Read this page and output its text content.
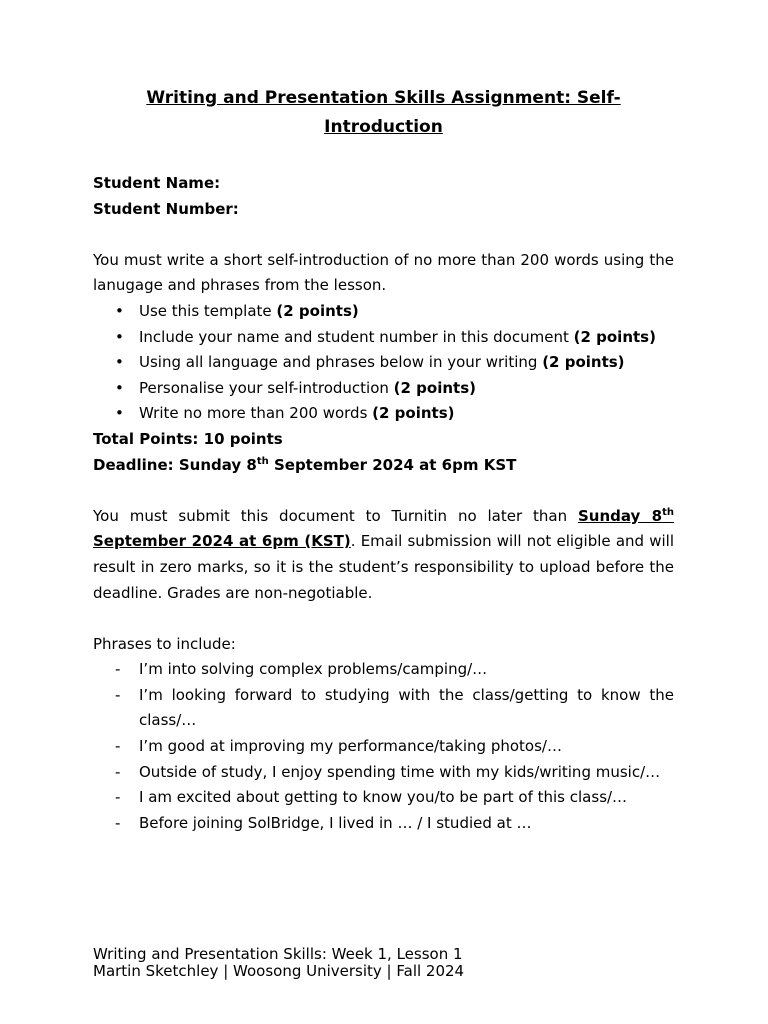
Writing and Presentation Skills Assignment: Self-Introduction

Student Name:

Student Number:

You must write a short self-introduction of no more than 200 words using the lanugage and phrases from the lesson.

• Use this template (2 points)
• Include your name and student number in this document (2 points)
• Using all language and phrases below in your writing (2 points)
• Personalise your self-introduction (2 points)
• Write no more than 200 words (2 points)

Total Points: 10 points

Deadline: Sunday 8th September 2024 at 6pm KST

You must submit this document to Turnitin no later than Sunday 8th September 2024 at 6pm (KST). Email submission will not eligible and will result in zero marks, so it is the student’s responsibility to upload before the deadline. Grades are non-negotiable.

Phrases to include:

- I’m into solving complex problems/camping/…
- I’m looking forward to studying with the class/getting to know the class/…
- I’m good at improving my performance/taking photos/…
- Outside of study, I enjoy spending time with my kids/writing music/…
- I am excited about getting to know you/to be part of this class/…
- Before joining SolBridge, I lived in … / I studied at …
Writing and Presentation Skills: Week 1, Lesson 1
Martin Sketchley | Woosong University | Fall 2024
